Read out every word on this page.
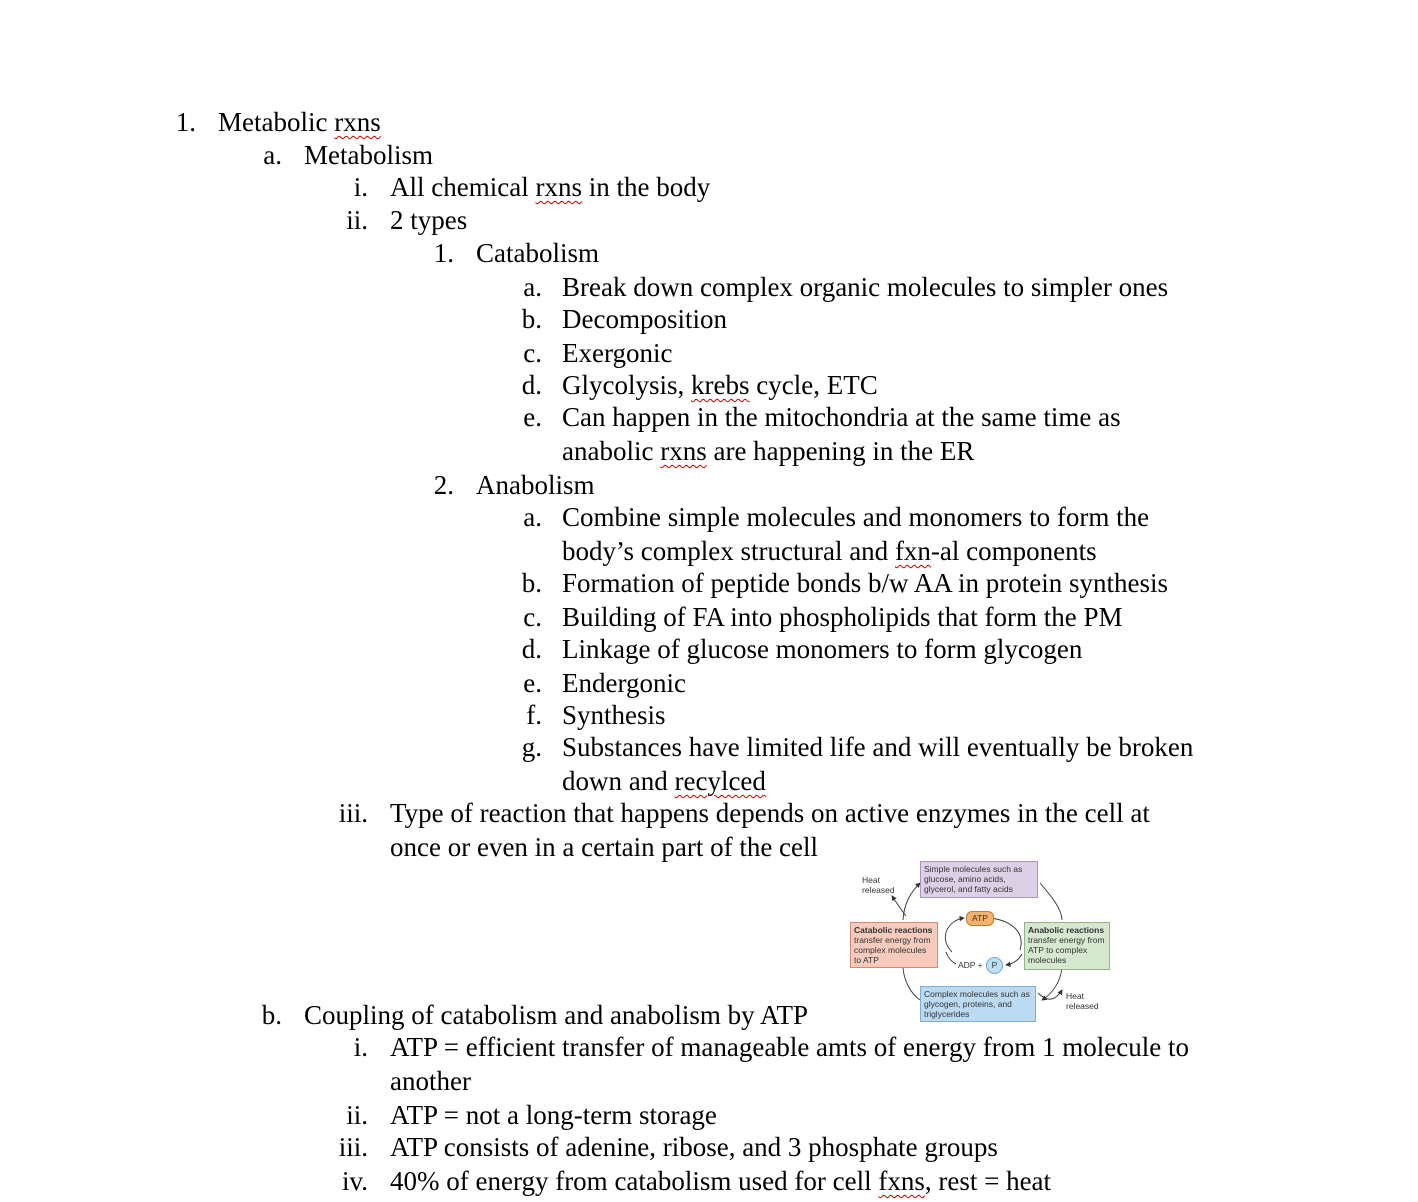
1. Metabolic rxns
a. Metabolism
i. All chemical rxns in the body
ii. 2 types
1. Catabolism
a. Break down complex organic molecules to simpler ones
b. Decomposition
c. Exergonic
d. Glycolysis, krebs cycle, ETC
e. Can happen in the mitochondria at the same time as
anabolic rxns are happening in the ER
2. Anabolism
a. Combine simple molecules and monomers to form the
body’s complex structural and fxn-al components
b. Formation of peptide bonds b/w AA in protein synthesis
c. Building of FA into phospholipids that form the PM
d. Linkage of glucose monomers to form glycogen
e. Endergonic
f. Synthesis
g. Substances have limited life and will eventually be broken
down and recylced
iii. Type of reaction that happens depends on active enzymes in the cell at
once or even in a certain part of the cell
b. Coupling of catabolism and anabolism by ATP
i. ATP = efficient transfer of manageable amts of energy from 1 molecule to
another
ii. ATP = not a long-term storage
iii. ATP consists of adenine, ribose, and 3 phosphate groups
iv. 40% of energy from catabolism used for cell fxns, rest = heat
Simple molecules such as glucose, amino acids, glycerol, and fatty acids
Catabolic reactions
transfer energy from complex molecules to ATP
Anabolic reactions
transfer energy from ATP to complex molecules
Complex molecules such as glycogen, proteins, and triglycerides
Heat released
Heat released
ATP
ADP +	P
